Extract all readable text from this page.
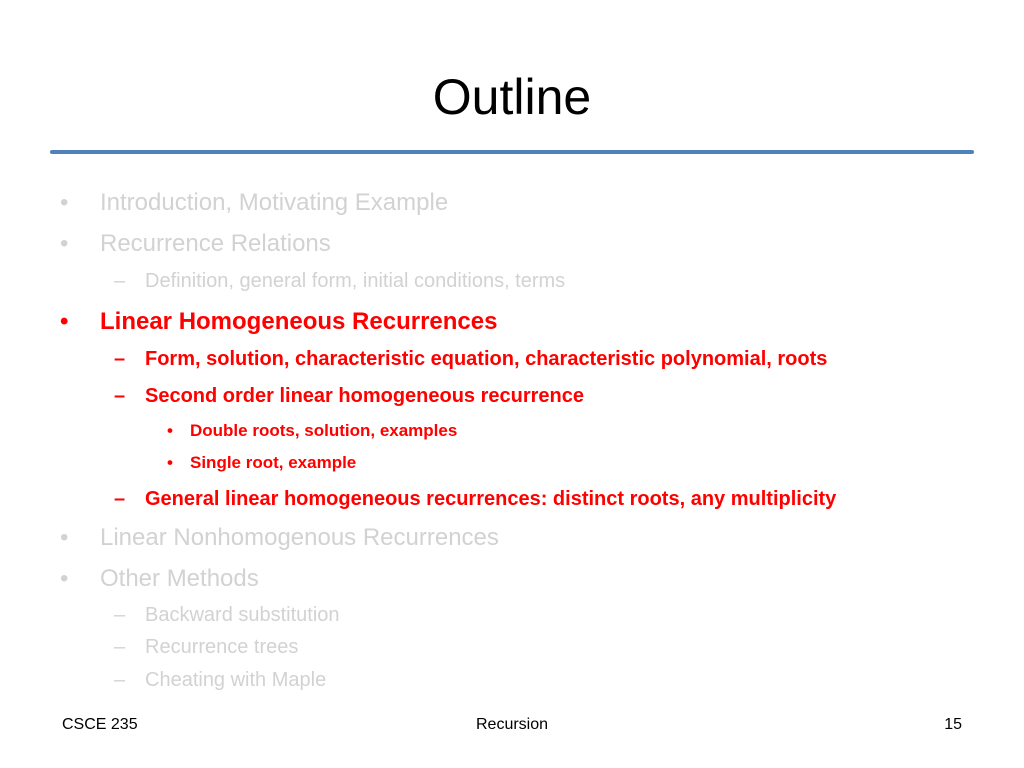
Outline
• Introduction, Motivating Example
• Recurrence Relations
– Definition, general form, initial conditions, terms
• Linear Homogeneous Recurrences
– Form, solution, characteristic equation, characteristic polynomial, roots
– Second order linear homogeneous recurrence
• Double roots, solution, examples
• Single root, example
– General linear homogeneous recurrences: distinct roots, any multiplicity
• Linear Nonhomogenous Recurrences
• Other Methods
– Backward substitution
– Recurrence trees
– Cheating with Maple
CSCE 235	Recursion	15
